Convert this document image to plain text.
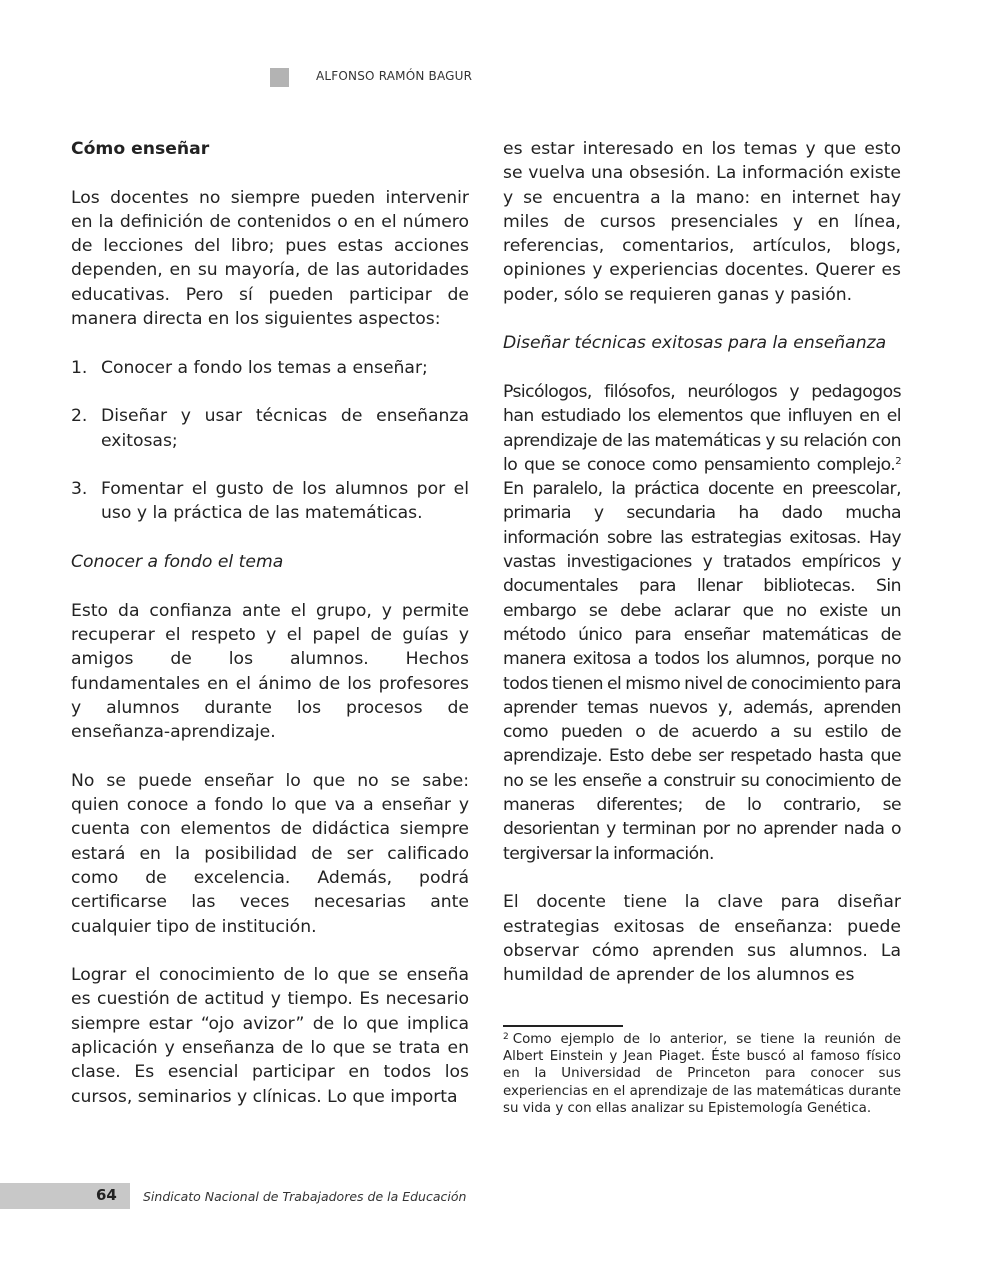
ALFONSO RAMÓN BAGUR
Cómo enseñar

Los docentes no siempre pueden intervenir en la definición de contenidos o en el número de lecciones del libro; pues estas acciones dependen, en su mayoría, de las autoridades educativas. Pero sí pueden participar de manera directa en los siguientes aspectos:

1. Conocer a fondo los temas a enseñar;
2. Diseñar y usar técnicas de enseñanza exitosas;
3. Fomentar el gusto de los alumnos por el uso y la práctica de las matemáticas.
Conocer a fondo el tema

Esto da confianza ante el grupo, y permite recuperar el respeto y el papel de guías y amigos de los alumnos. Hechos fundamentales en el ánimo de los profesores y alumnos durante los procesos de enseñanza-aprendizaje.

No se puede enseñar lo que no se sabe: quien conoce a fondo lo que va a enseñar y cuenta con elementos de didáctica siempre estará en la posibilidad de ser calificado como de excelencia. Además, podrá certificarse las veces necesarias ante cualquier tipo de institución.

Lograr el conocimiento de lo que se enseña es cuestión de actitud y tiempo. Es necesario siempre estar “ojo avizor” de lo que implica aplicación y enseñanza de lo que se trata en clase. Es esencial participar en todos los cursos, seminarios y clínicas. Lo que importa

es estar interesado en los temas y que esto se vuelva una obsesión. La información existe y se encuentra a la mano: en internet hay miles de cursos presenciales y en línea, referencias, comentarios, artículos, blogs, opiniones y experiencias docentes. Querer es poder, sólo se requieren ganas y pasión.

Diseñar técnicas exitosas para la enseñanza

Psicólogos, filósofos, neurólogos y pedagogos han estudiado los elementos que influyen en el aprendizaje de las matemáticas y su relación con lo que se conoce como pensamiento complejo.$^2$ En paralelo, la práctica docente en preescolar, primaria y secundaria ha dado mucha información sobre las estrategias exitosas. Hay vastas investigaciones y tratados empíricos y documentales para llenar bibliotecas. Sin embargo se debe aclarar que no existe un método único para enseñar matemáticas de manera exitosa a todos los alumnos, porque no todos tienen el mismo nivel de conocimiento para aprender temas nuevos y, además, aprenden como pueden o de acuerdo a su estilo de aprendizaje. Esto debe ser respetado hasta que no se les enseñe a construir su conocimiento de maneras diferentes; de lo contrario, se desorientan y terminan por no aprender nada o tergiversar la información.

El docente tiene la clave para diseñar estrategias exitosas de enseñanza: puede observar cómo aprenden sus alumnos. La humildad de aprender de los alumnos es

$^2$ Como ejemplo de lo anterior, se tiene la reunión de Albert Einstein y Jean Piaget. Éste buscó al famoso físico en la Universidad de Princeton para conocer sus experiencias en el aprendizaje de las matemáticas durante su vida y con ellas analizar su Epistemología Genética.
64 Sindicato Nacional de Trabajadores de la Educación
